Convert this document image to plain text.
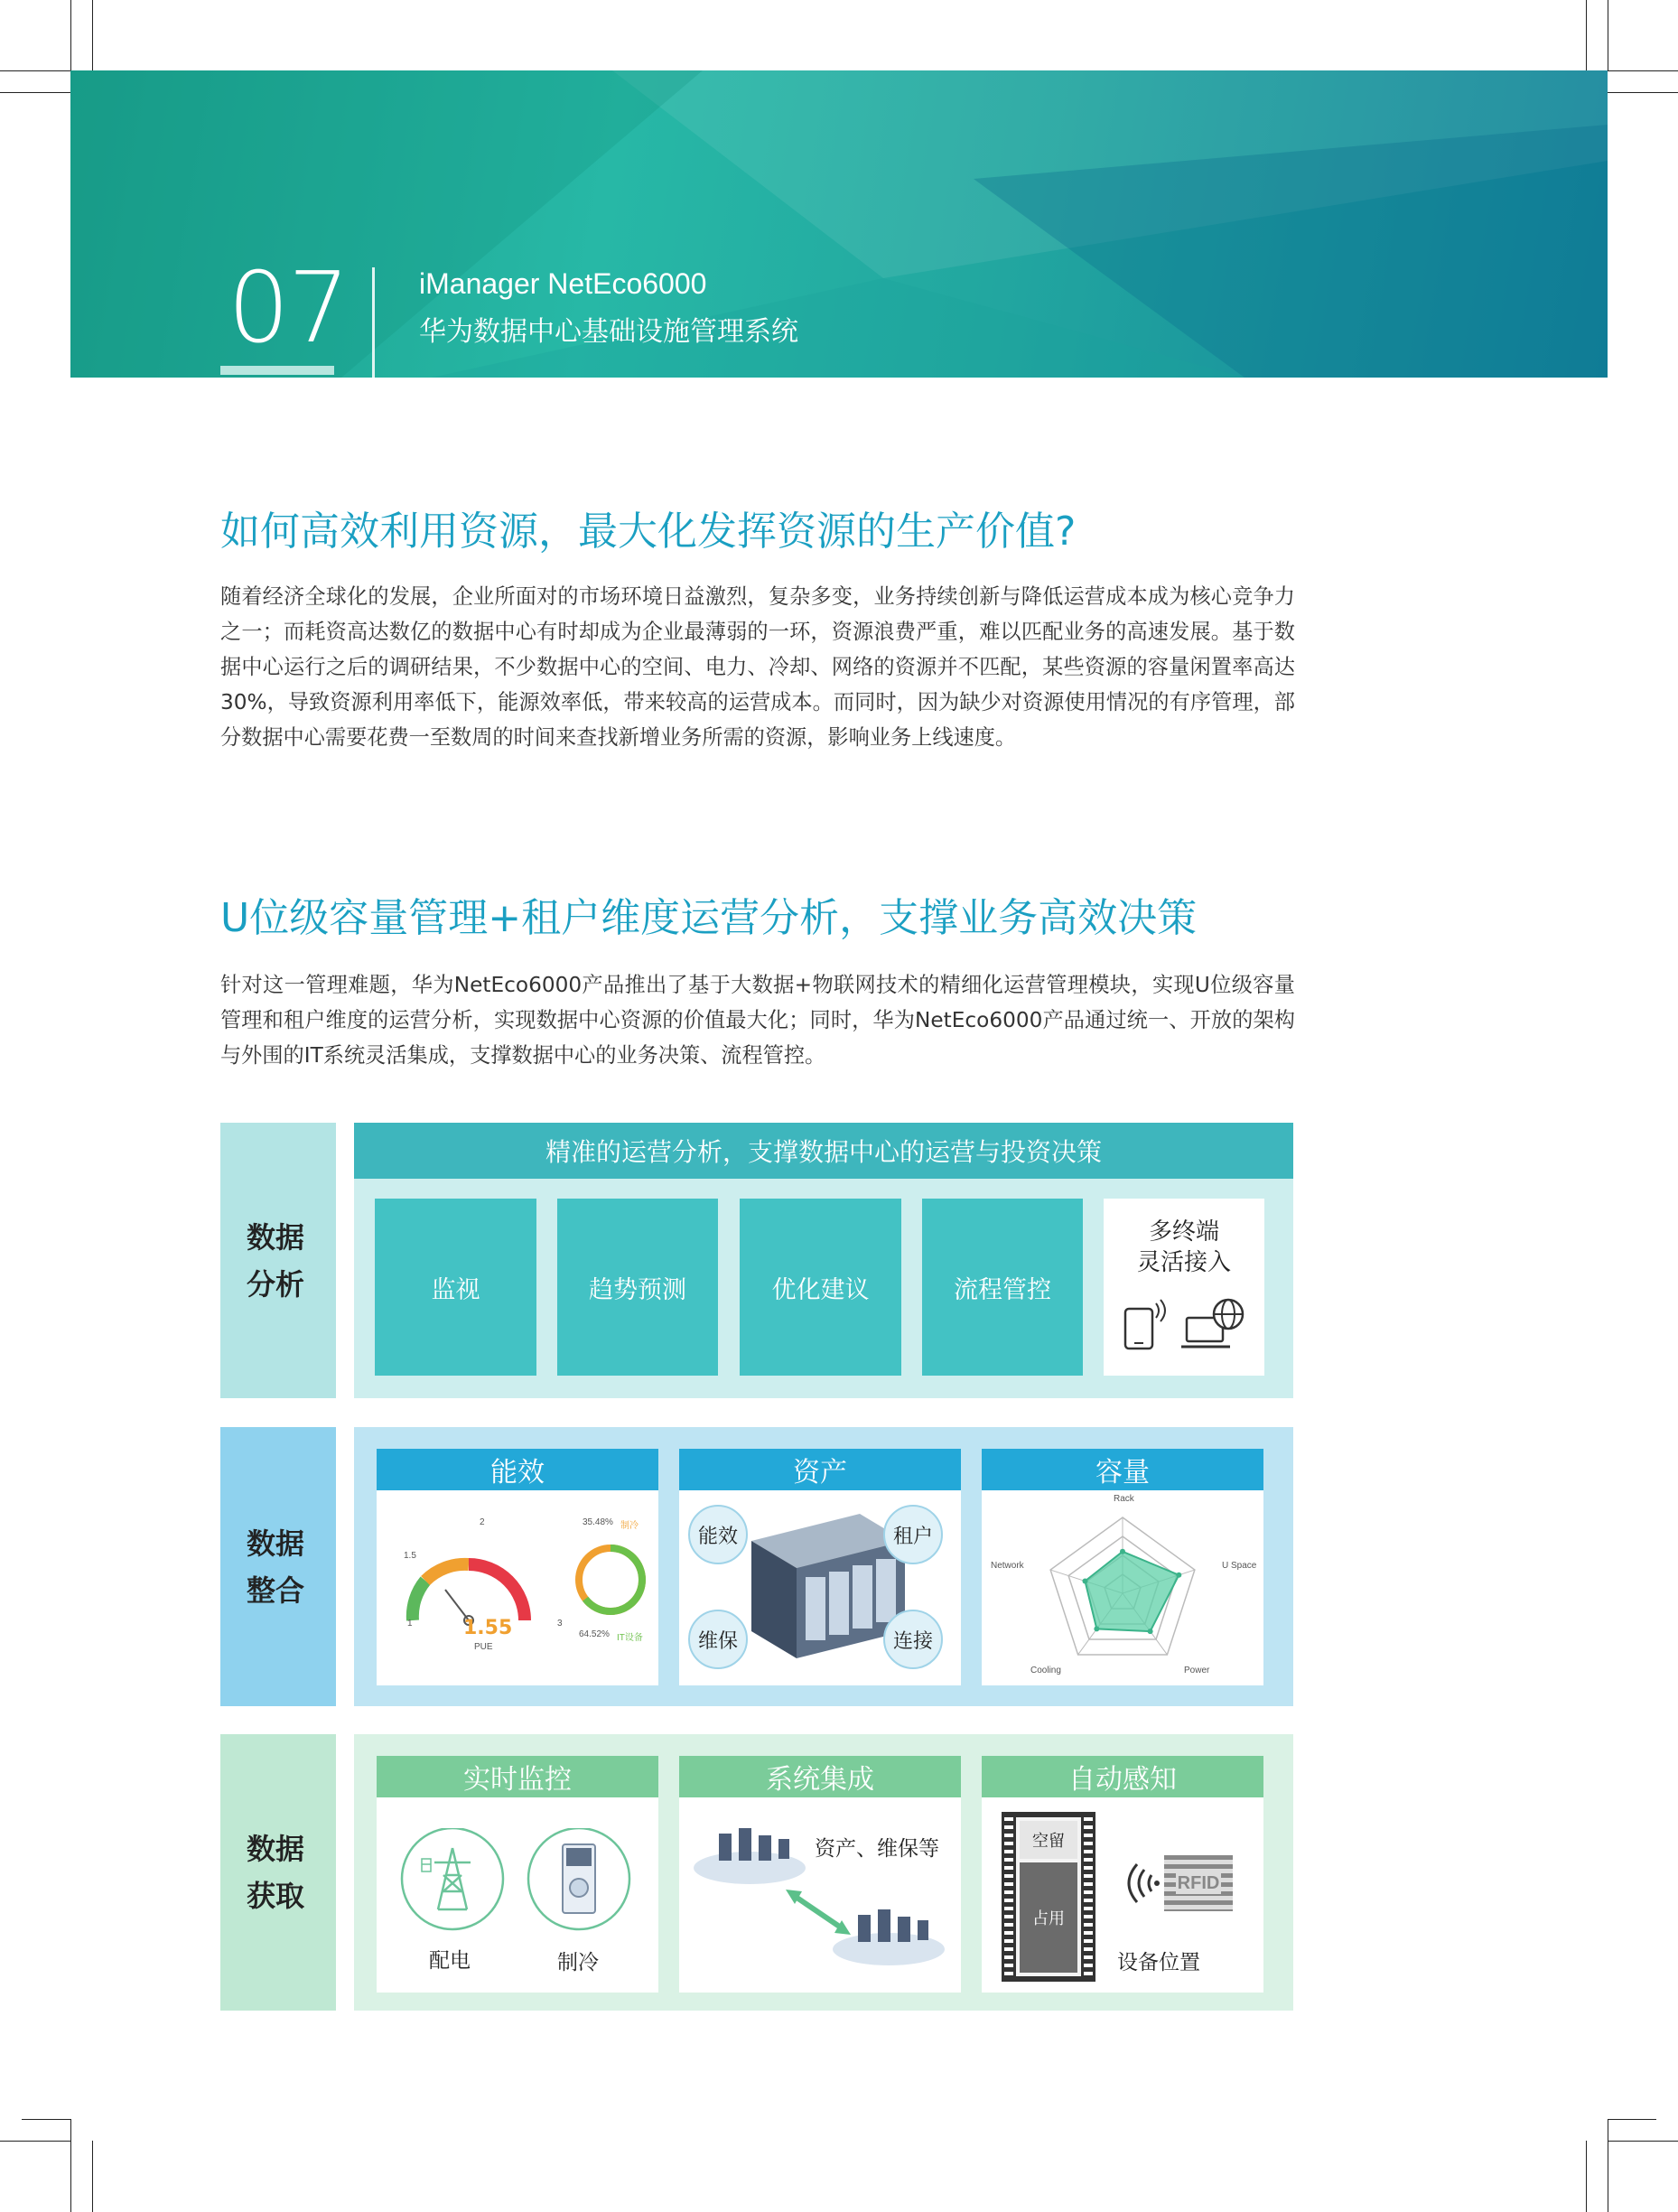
07 iManager NetEco6000
华为数据中心基础设施管理系统
如何高效利用资源，最大化发挥资源的生产价值?

随着经济全球化的发展，企业所面对的市场环境日益激烈，复杂多变，业务持续创新与降低运营成本成为核心竞争力之一；而耗资高达数亿的数据中心有时却成为企业最薄弱的一环，资源浪费严重，难以匹配业务的高速发展。基于数据中心运行之后的调研结果，不少数据中心的空间、电力、冷却、网络的资源并不匹配，某些资源的容量闲置率高达30%，导致资源利用率低下，能源效率低，带来较高的运营成本。而同时，因为缺少对资源使用情况的有序管理，部分数据中心需要花费一至数周的时间来查找新增业务所需的资源，影响业务上线速度。

U位级容量管理+租户维度运营分析，支撑业务高效决策

针对这一管理难题，华为NetEco6000产品推出了基于大数据+物联网技术的精细化运营管理模块，实现U位级容量管理和租户维度的运营分析，实现数据中心资源的价值最大化；同时，华为NetEco6000产品通过统一、开放的架构与外围的IT系统灵活集成，支撑数据中心的业务决策、流程管控。

数据
分析
精准的运营分析，支撑数据中心的运营与投资决策
监视	趋势预测	优化建议	流程管控
多终端
灵活接入
数据
整合
能效
1
1.5
2
3
1.55
PUE
35.48% 制冷
64.52% IT设备
资产
能效	租户
维保	连接
容量
Rack
U Space
Power
Cooling
Network
数据
获取
实时监控
配电	制冷
系统集成
资产、维保等
自动感知
空留
占用
RFID
设备位置
